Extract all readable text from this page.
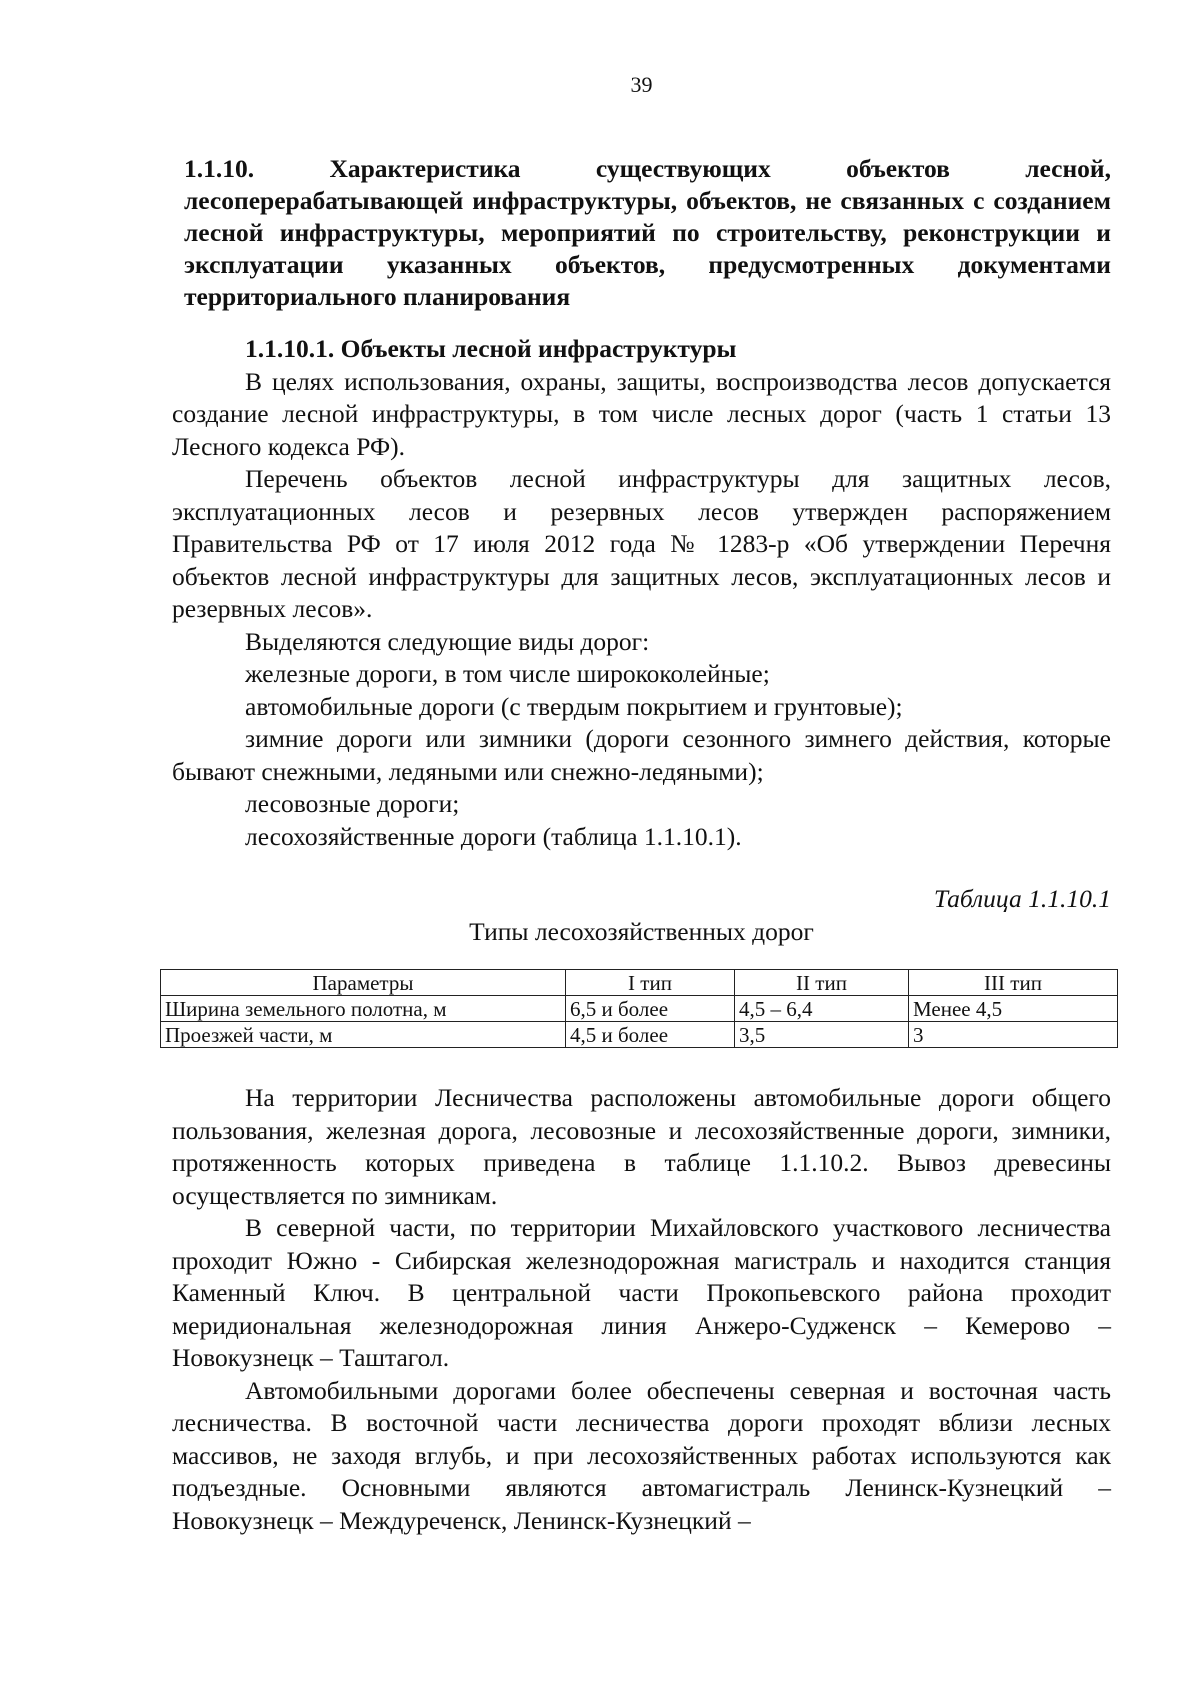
39
1.1.10. Характеристика существующих объектов лесной, лесоперерабатывающей инфраструктуры, объектов, не связанных с созданием лесной инфраструктуры, мероприятий по строительству, реконструкции и эксплуатации указанных объектов, предусмотренных документами территориального планирования
1.1.10.1. Объекты лесной инфраструктуры

В целях использования, охраны, защиты, воспроизводства лесов допускается создание лесной инфраструктуры, в том числе лесных дорог (часть 1 статьи 13 Лесного кодекса РФ).

Перечень объектов лесной инфраструктуры для защитных лесов, эксплуатационных лесов и резервных лесов утвержден распоряжением Правительства РФ от 17 июля 2012 года № 1283-р «Об утверждении Перечня объектов лесной инфраструктуры для защитных лесов, эксплуатационных лесов и резервных лесов».

Выделяются следующие виды дорог:

железные дороги, в том числе ширококолейные;

автомобильные дороги (с твердым покрытием и грунтовые);

зимние дороги или зимники (дороги сезонного зимнего действия, которые бывают снежными, ледяными или снежно-ледяными);

лесовозные дороги;

лесохозяйственные дороги (таблица 1.1.10.1).

Таблица 1.1.10.1
Типы лесохозяйственных дорог
Параметры	I тип	II тип	III тип
Ширина земельного полотна, м	6,5 и более	4,5 – 6,4	Менее 4,5
Проезжей части, м	4,5 и более	3,5	3

На территории Лесничества расположены автомобильные дороги общего пользования, железная дорога, лесовозные и лесохозяйственные дороги, зимники, протяженность которых приведена в таблице 1.1.10.2. Вывоз древесины осуществляется по зимникам.

В северной части, по территории Михайловского участкового лесничества проходит Южно - Сибирская железнодорожная магистраль и находится станция Каменный Ключ. В центральной части Прокопьевского района проходит меридиональная железнодорожная линия Анжеро-Судженск – Кемерово – Новокузнецк – Таштагол.

Автомобильными дорогами более обеспечены северная и восточная часть лесничества. В восточной части лесничества дороги проходят вблизи лесных массивов, не заходя вглубь, и при лесохозяйственных работах используются как подъездные. Основными являются автомагистраль Ленинск-Кузнецкий – Новокузнецк – Междуреченск, Ленинск-Кузнецкий –
